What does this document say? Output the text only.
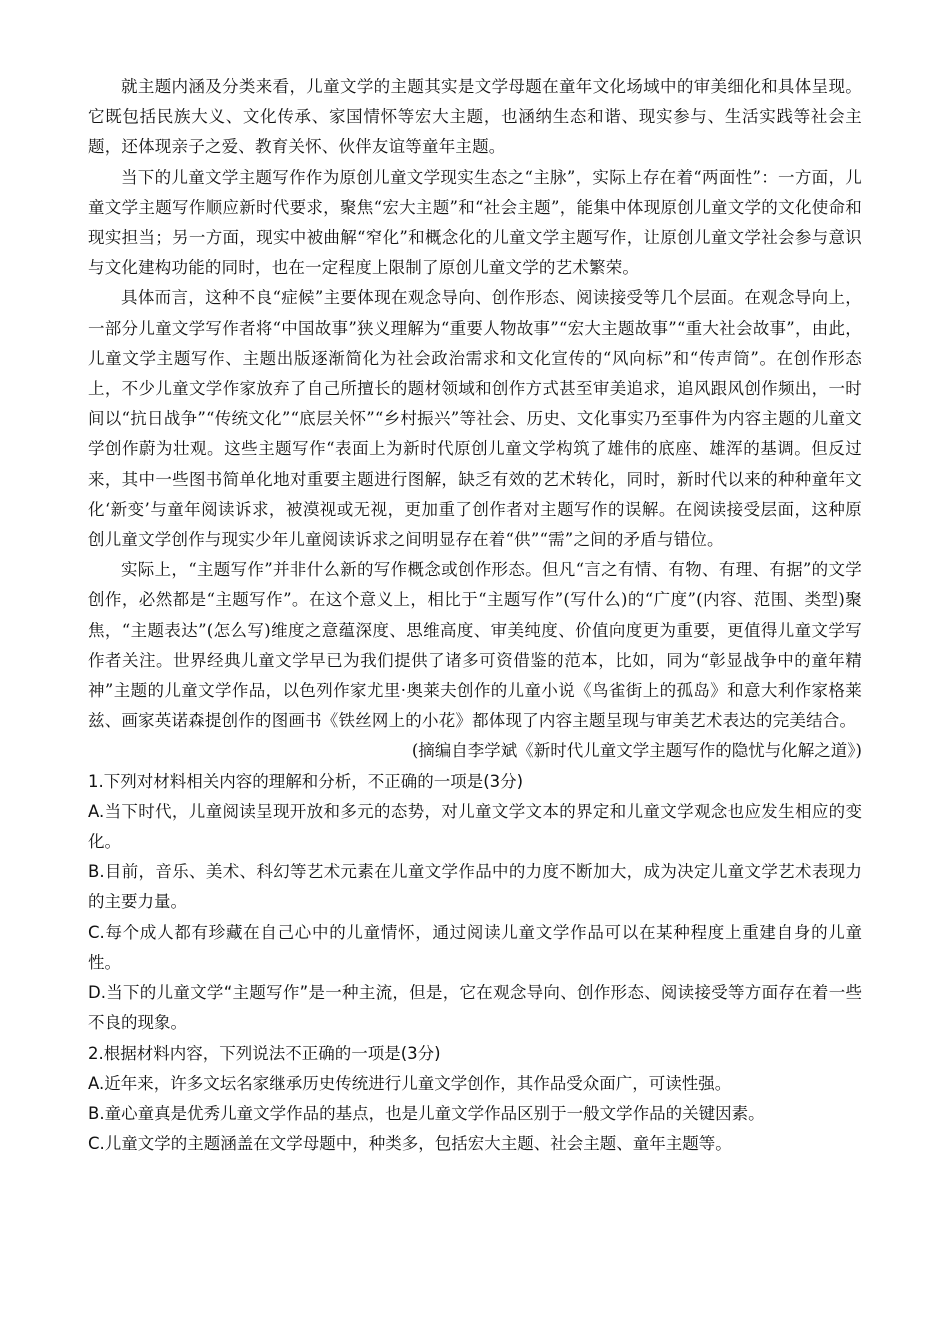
就主题内涵及分类来看，儿童文学的主题其实是文学母题在童年文化场域中的审美细化和具体呈现。它既包括民族大义、文化传承、家国情怀等宏大主题，也涵纳生态和谐、现实参与、生活实践等社会主题，还体现亲子之爱、教育关怀、伙伴友谊等童年主题。

当下的儿童文学主题写作作为原创儿童文学现实生态之“主脉”，实际上存在着“两面性”：一方面，儿童文学主题写作顺应新时代要求，聚焦“宏大主题”和“社会主题”，能集中体现原创儿童文学的文化使命和现实担当；另一方面，现实中被曲解“窄化”和概念化的儿童文学主题写作，让原创儿童文学社会参与意识与文化建构功能的同时，也在一定程度上限制了原创儿童文学的艺术繁荣。

具体而言，这种不良“症候”主要体现在观念导向、创作形态、阅读接受等几个层面。在观念导向上，一部分儿童文学写作者将“中国故事”狭义理解为“重要人物故事”“宏大主题故事”“重大社会故事”，由此，儿童文学主题写作、主题出版逐渐简化为社会政治需求和文化宣传的“风向标”和“传声筒”。在创作形态上，不少儿童文学作家放弃了自己所擅长的题材领域和创作方式甚至审美追求，追风跟风创作频出，一时间以“抗日战争”“传统文化”“底层关怀”“乡村振兴”等社会、历史、文化事实乃至事件为内容主题的儿童文学创作蔚为壮观。这些主题写作“表面上为新时代原创儿童文学构筑了雄伟的底座、雄浑的基调。但反过来，其中一些图书简单化地对重要主题进行图解，缺乏有效的艺术转化，同时，新时代以来的种种童年文化‘新变’与童年阅读诉求，被漠视或无视，更加重了创作者对主题写作的误解。在阅读接受层面，这种原创儿童文学创作与现实少年儿童阅读诉求之间明显存在着“供”“需”之间的矛盾与错位。

实际上，“主题写作”并非什么新的写作概念或创作形态。但凡“言之有情、有物、有理、有据”的文学创作，必然都是“主题写作”。在这个意义上，相比于“主题写作”(写什么)的“广度”(内容、范围、类型)聚焦，“主题表达”(怎么写)维度之意蕴深度、思维高度、审美纯度、价值向度更为重要，更值得儿童文学写作者关注。世界经典儿童文学早已为我们提供了诸多可资借鉴的范本，比如，同为“彰显战争中的童年精神”主题的儿童文学作品，以色列作家尤里·奥莱夫创作的儿童小说《鸟雀街上的孤岛》和意大利作家格莱兹、画家英诺森提创作的图画书《铁丝网上的小花》都体现了内容主题呈现与审美艺术表达的完美结合。

(摘编自李学斌《新时代儿童文学主题写作的隐忧与化解之道》)

1.下列对材料相关内容的理解和分析，不正确的一项是(3分)

A.当下时代，儿童阅读呈现开放和多元的态势，对儿童文学文本的界定和儿童文学观念也应发生相应的变化。

B.目前，音乐、美术、科幻等艺术元素在儿童文学作品中的力度不断加大，成为决定儿童文学艺术表现力的主要力量。

C.每个成人都有珍藏在自己心中的儿童情怀，通过阅读儿童文学作品可以在某种程度上重建自身的儿童性。

D.当下的儿童文学“主题写作”是一种主流，但是，它在观念导向、创作形态、阅读接受等方面存在着一些不良的现象。

2.根据材料内容，下列说法不正确的一项是(3分)

A.近年来，许多文坛名家继承历史传统进行儿童文学创作，其作品受众面广，可读性强。

B.童心童真是优秀儿童文学作品的基点，也是儿童文学作品区别于一般文学作品的关键因素。

C.儿童文学的主题涵盖在文学母题中，种类多，包括宏大主题、社会主题、童年主题等。
